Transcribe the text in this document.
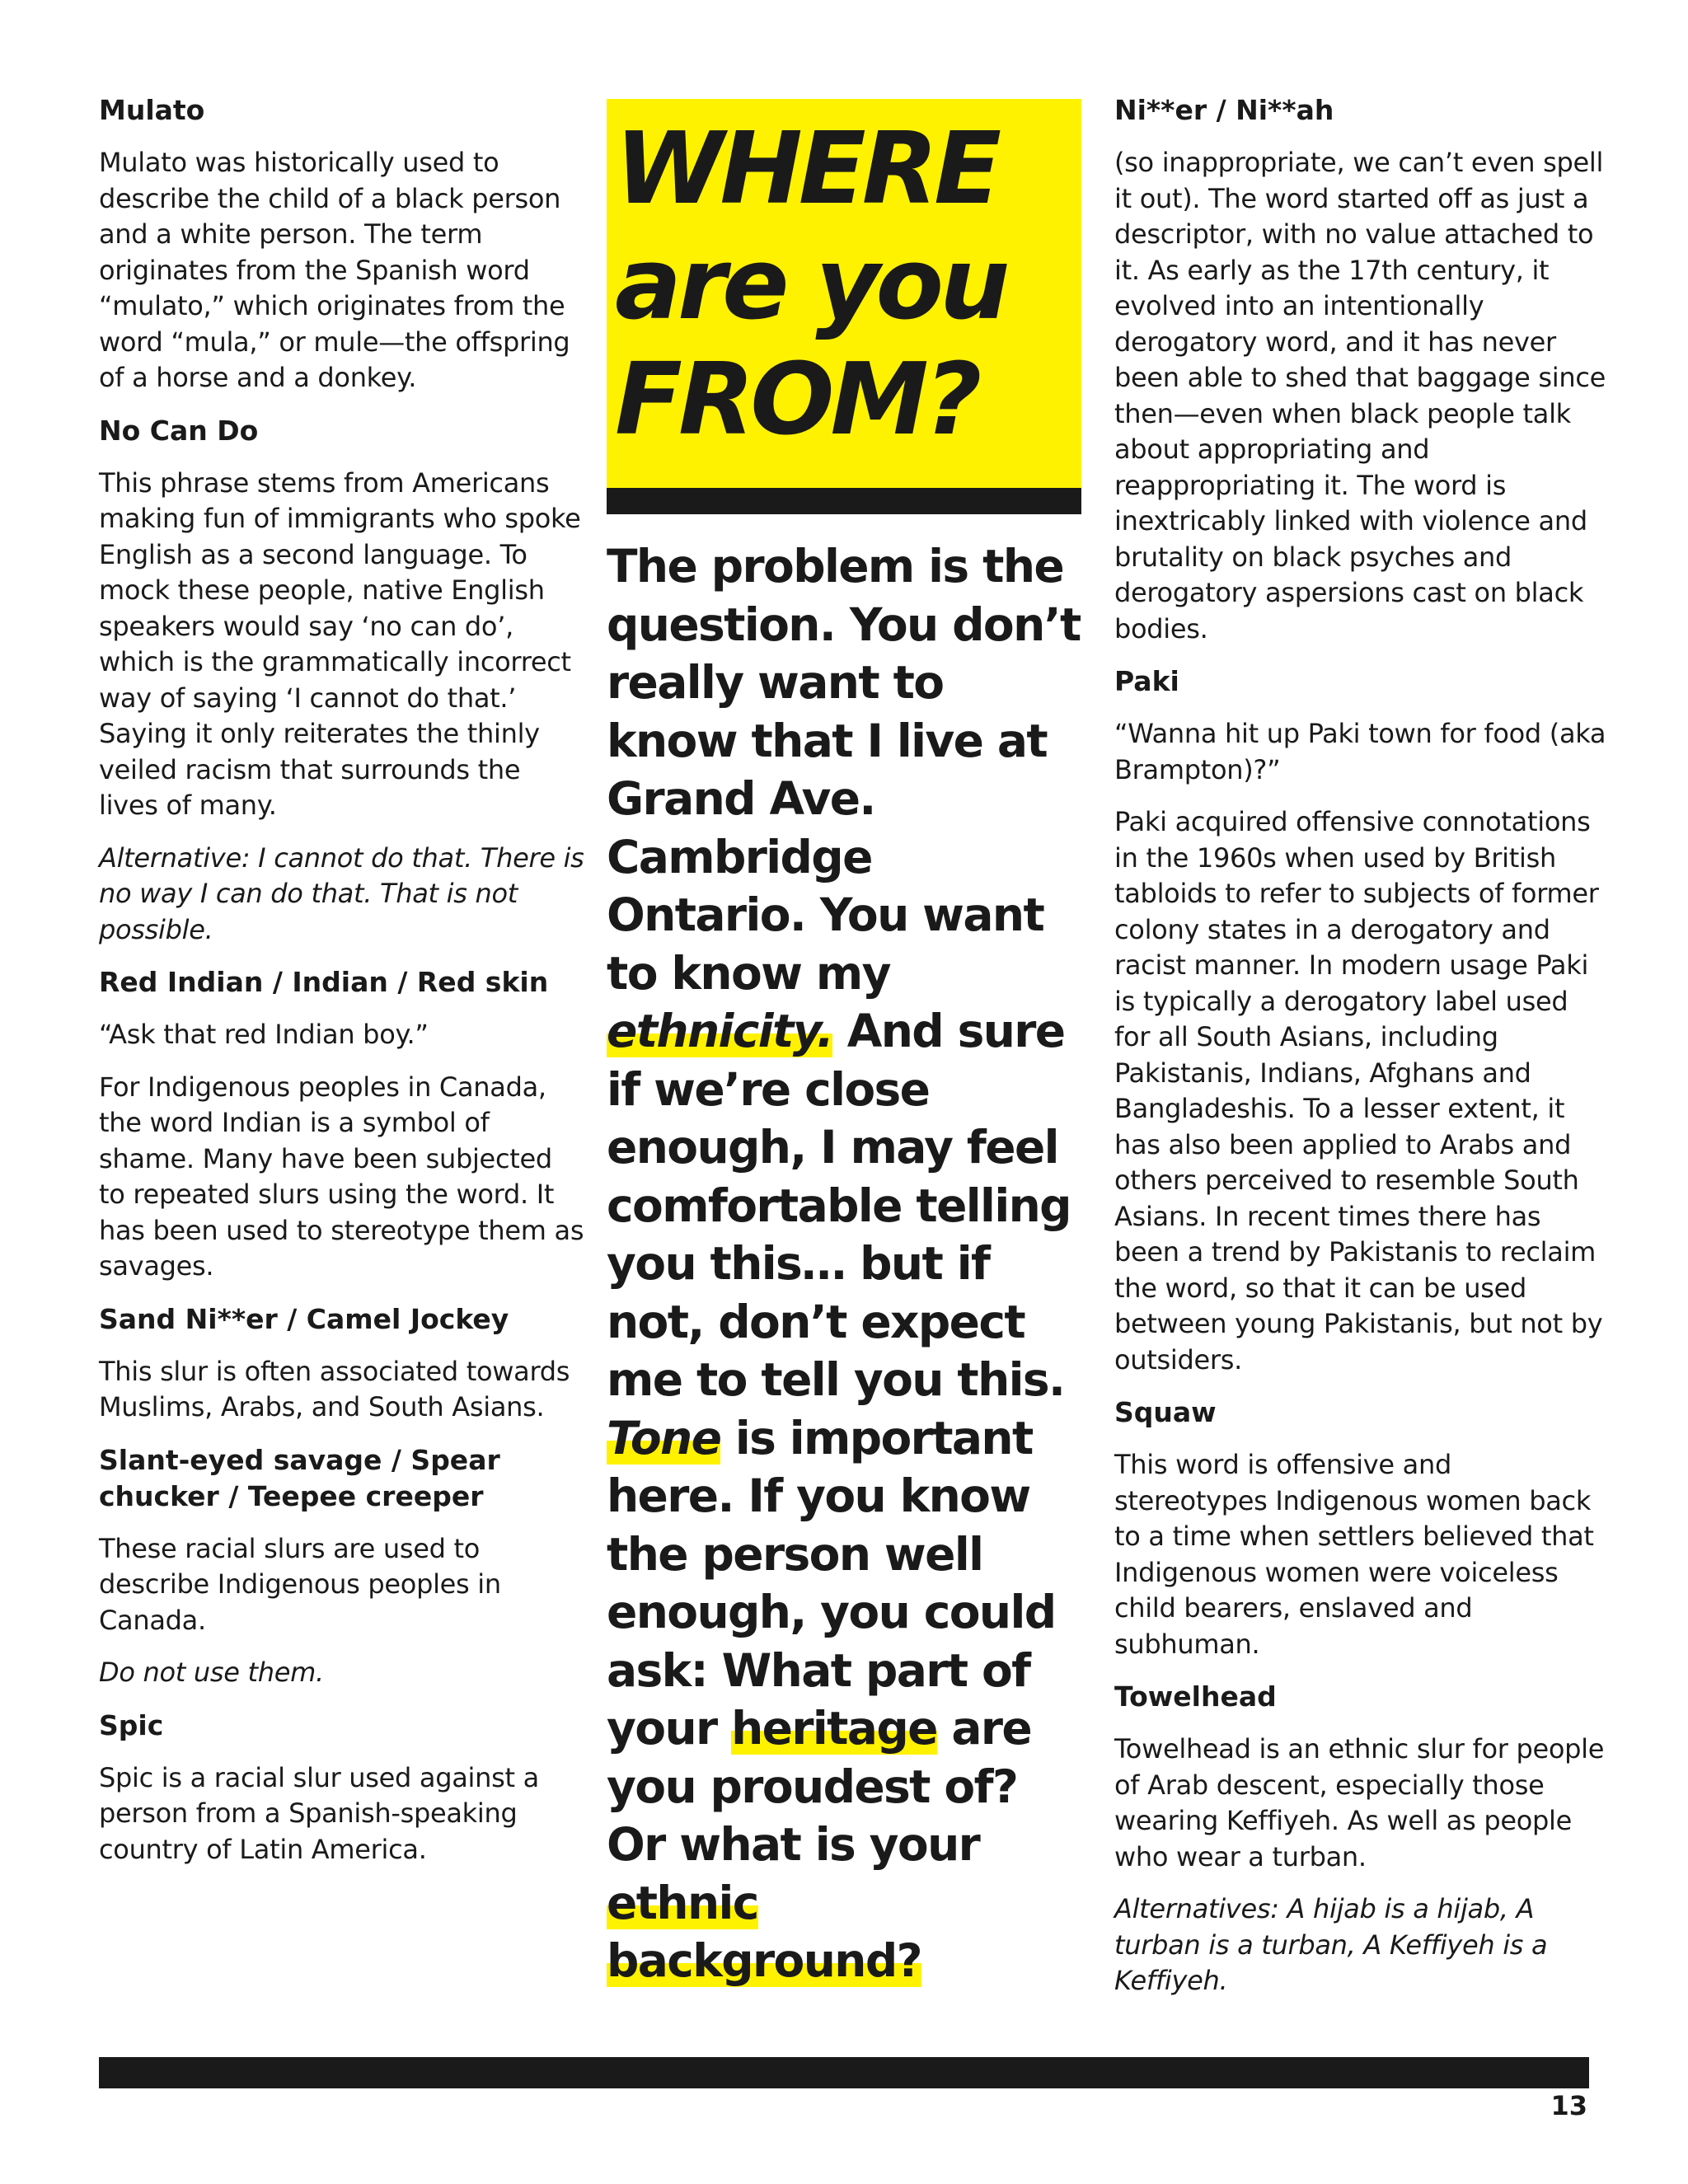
Mulato
Mulato was historically used to describe the child of a black person and a white person. The term originates from the Spanish word “mulato,” which originates from the word “mula,” or mule—the offspring of a horse and a donkey.
No Can Do
This phrase stems from Americans making fun of immigrants who spoke English as a second language. To mock these people, native English speakers would say ‘no can do’, which is the grammatically incorrect way of saying ‘I cannot do that.’ Saying it only reiterates the thinly veiled racism that surrounds the lives of many.
Alternative: I cannot do that. There is no way I can do that. That is not possible.
Red Indian / Indian / Red skin
“Ask that red Indian boy.”
For Indigenous peoples in Canada, the word Indian is a symbol of shame. Many have been subjected to repeated slurs using the word. It has been used to stereotype them as savages.
Sand Ni**er / Camel Jockey
This slur is often associated towards Muslims, Arabs, and South Asians.
Slant-eyed savage / Spear chucker / Teepee creeper
These racial slurs are used to describe Indigenous peoples in Canada.
Do not use them.
Spic
Spic is a racial slur used against a person from a Spanish-speaking country of Latin America.
WHERE
are you
FROM?
The problem is the question. You don’t really want to know that I live at Grand Ave. Cambridge Ontario. You want to know my ethnicity. And sure if we’re close enough, I may feel comfortable telling you this… but if not, don’t expect me to tell you this.
Tone is important here. If you know the person well enough, you could ask: What part of your heritage are you proudest of? Or what is your ethnic background?
Ni**er / Ni**ah
(so inappropriate, we can’t even spell it out). The word started off as just a descriptor, with no value attached to it. As early as the 17th century, it evolved into an intentionally derogatory word, and it has never been able to shed that baggage since then—even when black people talk about appropriating and reappropriating it. The word is inextricably linked with violence and brutality on black psyches and derogatory aspersions cast on black bodies.
Paki
“Wanna hit up Paki town for food (aka Brampton)?”
Paki acquired offensive connotations in the 1960s when used by British tabloids to refer to subjects of former colony states in a derogatory and racist manner. In modern usage Paki is typically a derogatory label used for all South Asians, including Pakistanis, Indians, Afghans and Bangladeshis. To a lesser extent, it has also been applied to Arabs and others perceived to resemble South Asians. In recent times there has been a trend by Pakistanis to reclaim the word, so that it can be used between young Pakistanis, but not by outsiders.
Squaw
This word is offensive and stereotypes Indigenous women back to a time when settlers believed that Indigenous women were voiceless child bearers, enslaved and subhuman.
Towelhead
Towelhead is an ethnic slur for people of Arab descent, especially those wearing Keffiyeh. As well as people who wear a turban.
Alternatives: A hijab is a hijab, A turban is a turban, A Keffiyeh is a Keffiyeh.
13
